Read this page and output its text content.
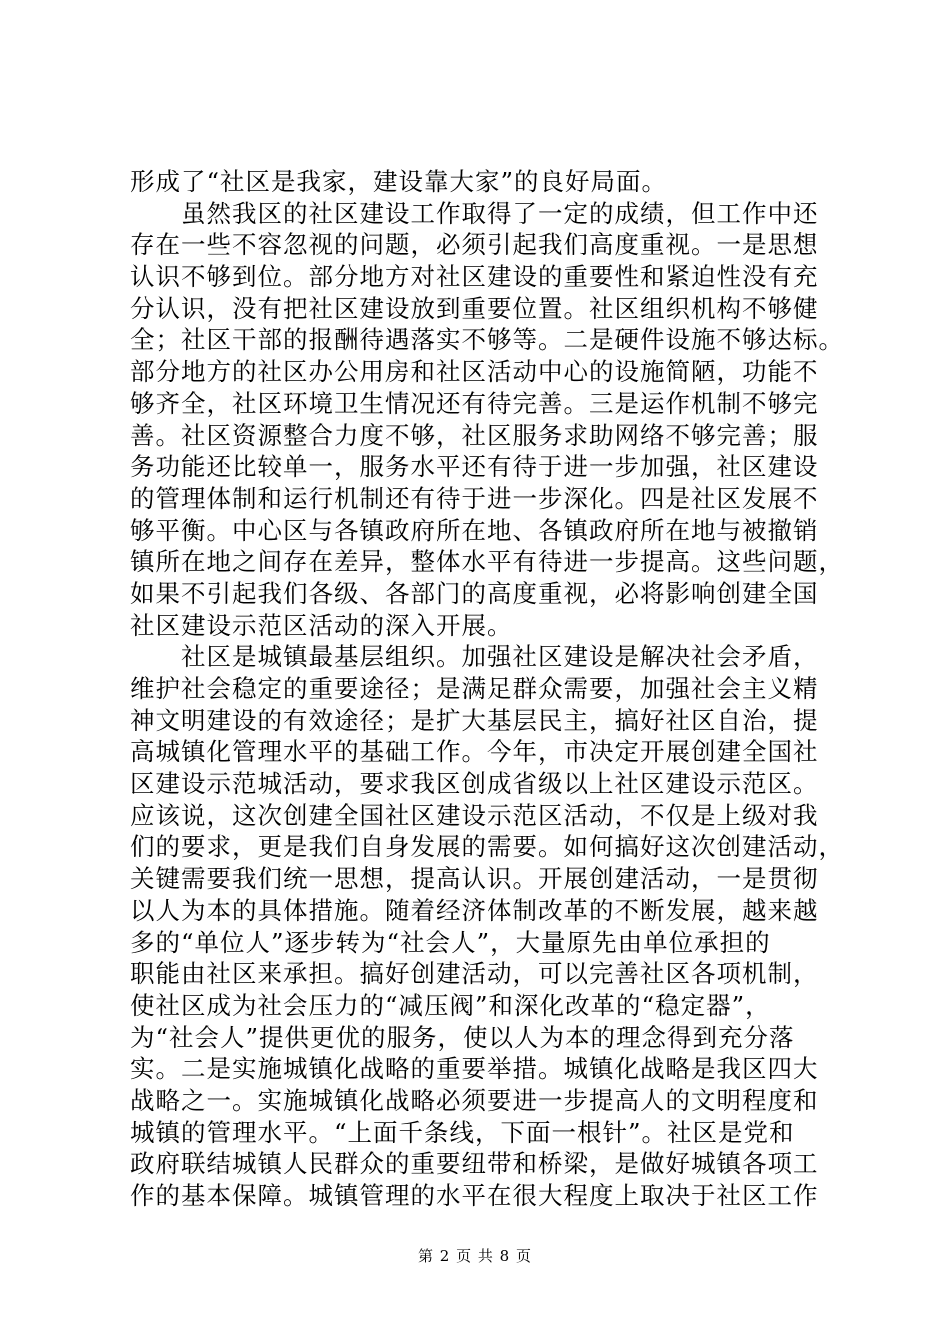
形成了“社区是我家，建设靠大家”的良好局面。
　　虽然我区的社区建设工作取得了一定的成绩，但工作中还
存在一些不容忽视的问题，必须引起我们高度重视。一是思想
认识不够到位。部分地方对社区建设的重要性和紧迫性没有充
分认识，没有把社区建设放到重要位置。社区组织机构不够健
全；社区干部的报酬待遇落实不够等。二是硬件设施不够达标。
部分地方的社区办公用房和社区活动中心的设施简陋，功能不
够齐全，社区环境卫生情况还有待完善。三是运作机制不够完
善。社区资源整合力度不够，社区服务求助网络不够完善；服
务功能还比较单一，服务水平还有待于进一步加强，社区建设
的管理体制和运行机制还有待于进一步深化。四是社区发展不
够平衡。中心区与各镇政府所在地、各镇政府所在地与被撤销
镇所在地之间存在差异，整体水平有待进一步提高。这些问题，
如果不引起我们各级、各部门的高度重视，必将影响创建全国
社区建设示范区活动的深入开展。
　　社区是城镇最基层组织。加强社区建设是解决社会矛盾，
维护社会稳定的重要途径；是满足群众需要，加强社会主义精
神文明建设的有效途径；是扩大基层民主，搞好社区自治，提
高城镇化管理水平的基础工作。今年，市决定开展创建全国社
区建设示范城活动，要求我区创成省级以上社区建设示范区。
应该说，这次创建全国社区建设示范区活动，不仅是上级对我
们的要求，更是我们自身发展的需要。如何搞好这次创建活动，
关键需要我们统一思想，提高认识。开展创建活动，一是贯彻
以人为本的具体措施。随着经济体制改革的不断发展，越来越
多的“单位人”逐步转为“社会人”，大量原先由单位承担的
职能由社区来承担。搞好创建活动，可以完善社区各项机制，
使社区成为社会压力的“减压阀”和深化改革的“稳定器”，
为“社会人”提供更优的服务，使以人为本的理念得到充分落
实。二是实施城镇化战略的重要举措。城镇化战略是我区四大
战略之一。实施城镇化战略必须要进一步提高人的文明程度和
城镇的管理水平。“上面千条线，下面一根针”。社区是党和
政府联结城镇人民群众的重要纽带和桥梁，是做好城镇各项工
作的基本保障。城镇管理的水平在很大程度上取决于社区工作
第 2 页 共 8 页
